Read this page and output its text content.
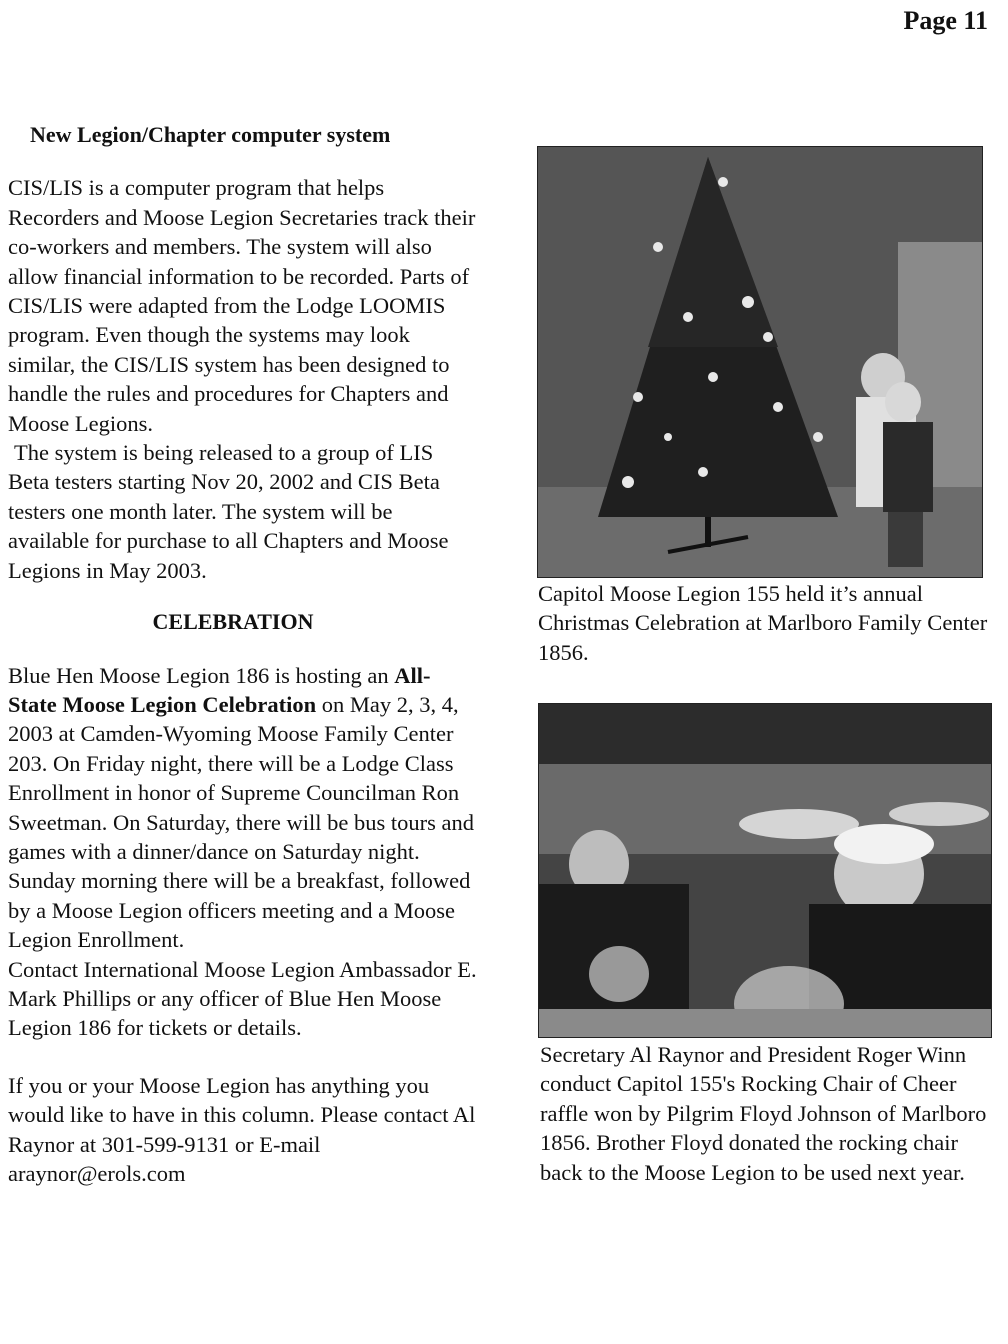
Page 11
New Legion/Chapter computer system

CIS/LIS is a computer program that helps Recorders and Moose Legion Secretaries track their co-workers and members. The system will also allow financial information to be recorded. Parts of CIS/LIS were adapted from the Lodge LOOMIS program. Even though the systems may look similar, the CIS/LIS system has been designed to handle the rules and procedures for Chapters and Moose Legions.

The system is being released to a group of LIS Beta testers starting Nov 20, 2002 and CIS Beta testers one month later. The system will be available for purchase to all Chapters and Moose Legions in May 2003.

CELEBRATION

Blue Hen Moose Legion 186 is hosting an All-State Moose Legion Celebration on May 2, 3, 4, 2003 at Camden-Wyoming Moose Family Center 203. On Friday night, there will be a Lodge Class Enrollment in honor of Supreme Councilman Ron Sweetman. On Saturday, there will be bus tours and games with a dinner/dance on Saturday night. Sunday morning there will be a breakfast, followed by a Moose Legion officers meeting and a Moose Legion Enrollment.

Contact International Moose Legion Ambassador E. Mark Phillips or any officer of Blue Hen Moose Legion 186 for tickets or details.

If you or your Moose Legion has anything you would like to have in this column. Please contact Al Raynor at 301-599-9131 or E-mail araynor@erols.com

Capitol Moose Legion 155 held it’s annual Christmas Celebration at Marlboro Family Center 1856.
Secretary Al Raynor and President Roger Winn conduct Capitol 155's Rocking Chair of Cheer raffle won by Pilgrim Floyd Johnson of Marlboro 1856. Brother Floyd donated the rocking chair back to the Moose Legion to be used next year.
